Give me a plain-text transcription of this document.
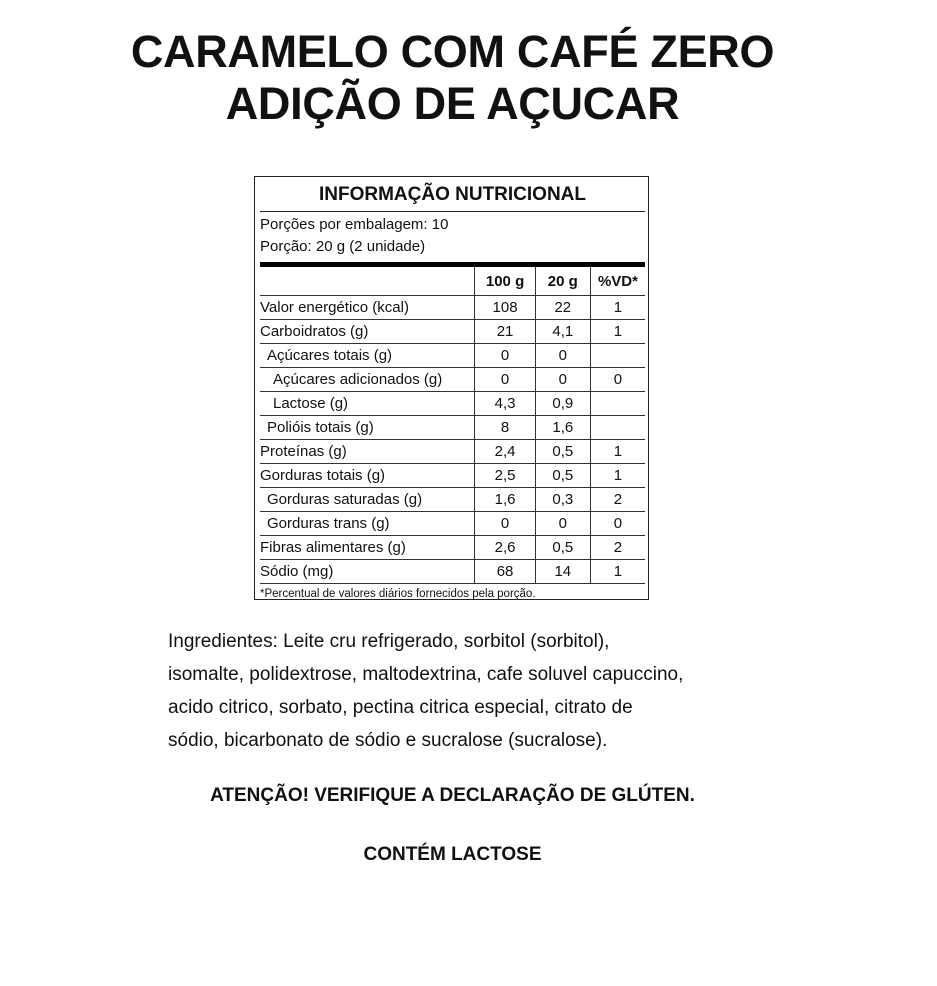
CARAMELO COM CAFÉ ZERO
ADIÇÃO DE AÇUCAR
INFORMAÇÃO NUTRICIONAL
Porções por embalagem: 10
Porção: 20 g (2 unidade)
	100 g	20 g	%VD*
Valor energético (kcal)	108	22	1
Carboidratos (g)	21	4,1	1
Açúcares totais (g)	0	0	
Açúcares adicionados (g)	0	0	0
Lactose (g)	4,3	0,9	
Polióis totais (g)	8	1,6	
Proteínas (g)	2,4	0,5	1
Gorduras totais (g)	2,5	0,5	1
Gorduras saturadas (g)	1,6	0,3	2
Gorduras trans (g)	0	0	0
Fibras alimentares (g)	2,6	0,5	2
Sódio (mg)	68	14	1
*Percentual de valores diários fornecidos pela porção.
Ingredientes: Leite cru refrigerado, sorbitol (sorbitol),
isomalte, polidextrose, maltodextrina, cafe soluvel capuccino,
acido citrico, sorbato, pectina citrica especial, citrato de
sódio, bicarbonato de sódio e sucralose (sucralose).
ATENÇÃO! VERIFIQUE A DECLARAÇÃO DE GLÚTEN.
CONTÉM LACTOSE
